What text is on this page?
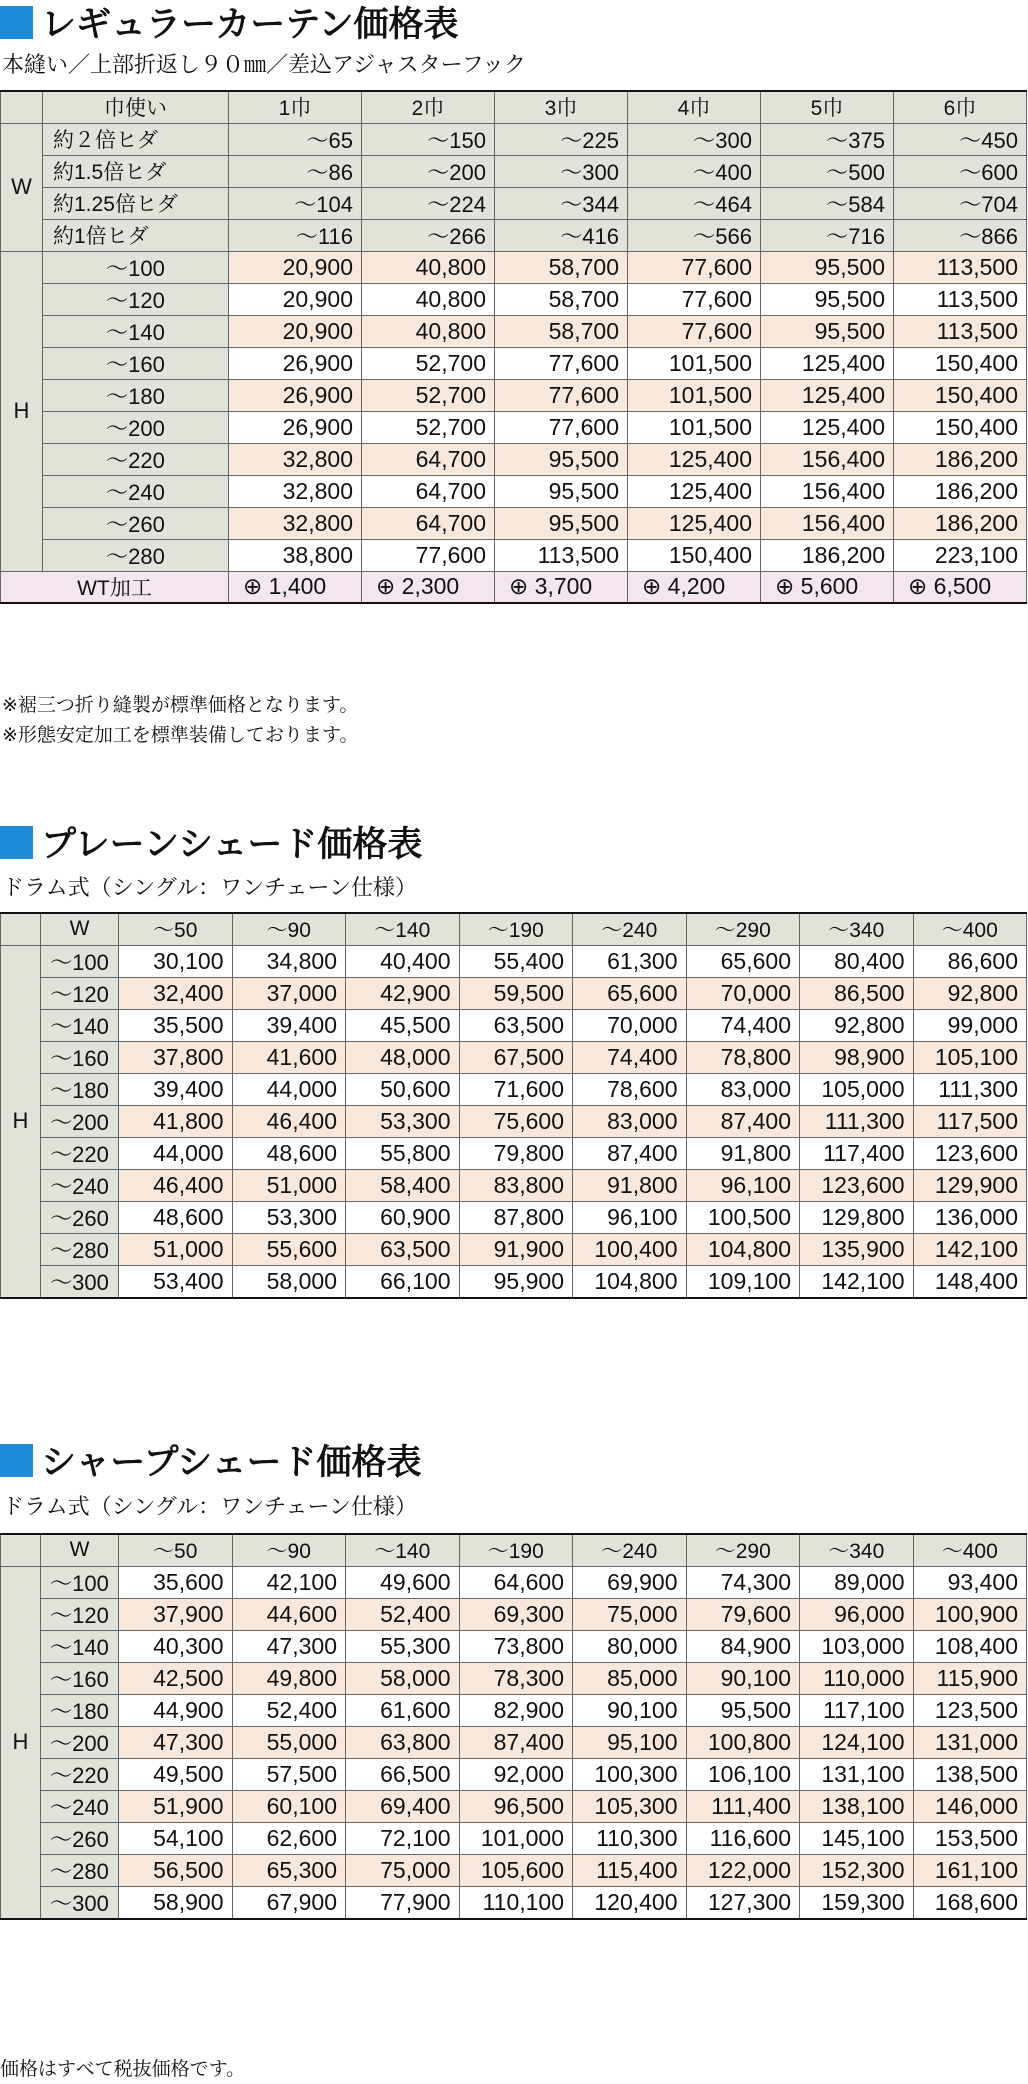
レギュラーカーテン価格表
本縫い／上部折返し９０㎜／差込アジャスターフック
	巾使い	1巾	2巾	3巾	4巾	5巾	6巾
W	約２倍ヒダ	～65	～150	～225	～300	～375	～450
	約1.5倍ヒダ	～86	～200	～300	～400	～500	～600
	約1.25倍ヒダ	～104	～224	～344	～464	～584	～704
	約1倍ヒダ	～116	～266	～416	～566	～716	～866
H	～100	20,900	40,800	58,700	77,600	95,500	113,500
	～120	20,900	40,800	58,700	77,600	95,500	113,500
	～140	20,900	40,800	58,700	77,600	95,500	113,500
	～160	26,900	52,700	77,600	101,500	125,400	150,400
	～180	26,900	52,700	77,600	101,500	125,400	150,400
	～200	26,900	52,700	77,600	101,500	125,400	150,400
	～220	32,800	64,700	95,500	125,400	156,400	186,200
	～240	32,800	64,700	95,500	125,400	156,400	186,200
	～260	32,800	64,700	95,500	125,400	156,400	186,200
	～280	38,800	77,600	113,500	150,400	186,200	223,100
WT加工		⊕ 1,400	⊕ 2,300	⊕ 3,700	⊕ 4,200	⊕ 5,600	⊕ 6,500
※裾三つ折り縫製が標準価格となります。
※形態安定加工を標準装備しております。
プレーンシェード価格表
ドラム式（シングル：ワンチェーン仕様）
	W	～50	～90	～140	～190	～240	～290	～340	～400
H	～100	30,100	34,800	40,400	55,400	61,300	65,600	80,400	86,600
	～120	32,400	37,000	42,900	59,500	65,600	70,000	86,500	92,800
	～140	35,500	39,400	45,500	63,500	70,000	74,400	92,800	99,000
	～160	37,800	41,600	48,000	67,500	74,400	78,800	98,900	105,100
	～180	39,400	44,000	50,600	71,600	78,600	83,000	105,000	111,300
	～200	41,800	46,400	53,300	75,600	83,000	87,400	111,300	117,500
	～220	44,000	48,600	55,800	79,800	87,400	91,800	117,400	123,600
	～240	46,400	51,000	58,400	83,800	91,800	96,100	123,600	129,900
	～260	48,600	53,300	60,900	87,800	96,100	100,500	129,800	136,000
	～280	51,000	55,600	63,500	91,900	100,400	104,800	135,900	142,100
	～300	53,400	58,000	66,100	95,900	104,800	109,100	142,100	148,400
シャープシェード価格表
ドラム式（シングル：ワンチェーン仕様）
	W	～50	～90	～140	～190	～240	～290	～340	～400
H	～100	35,600	42,100	49,600	64,600	69,900	74,300	89,000	93,400
	～120	37,900	44,600	52,400	69,300	75,000	79,600	96,000	100,900
	～140	40,300	47,300	55,300	73,800	80,000	84,900	103,000	108,400
	～160	42,500	49,800	58,000	78,300	85,000	90,100	110,000	115,900
	～180	44,900	52,400	61,600	82,900	90,100	95,500	117,100	123,500
	～200	47,300	55,000	63,800	87,400	95,100	100,800	124,100	131,000
	～220	49,500	57,500	66,500	92,000	100,300	106,100	131,100	138,500
	～240	51,900	60,100	69,400	96,500	105,300	111,400	138,100	146,000
	～260	54,100	62,600	72,100	101,000	110,300	116,600	145,100	153,500
	～280	56,500	65,300	75,000	105,600	115,400	122,000	152,300	161,100
	～300	58,900	67,900	77,900	110,100	120,400	127,300	159,300	168,600
価格はすべて税抜価格です。
